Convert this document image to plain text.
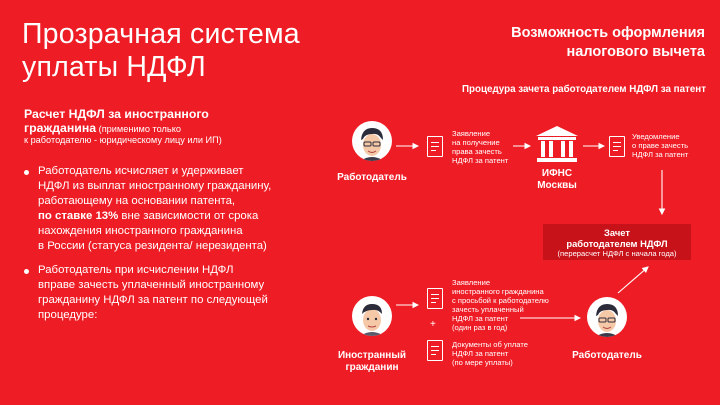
Прозрачная система
уплаты НДФЛ
Расчет НДФЛ за иностранного
гражданина (применимо только
к работодателю - юридическому лицу или ИП)
Работодатель исчисляет и удерживает
НДФЛ из выплат иностранному гражданину,
работающему на основании патента,
по ставке 13% вне зависимости от срока
нахождения иностранного гражданина
в России (статуса резидента/ нерезидента)
Работодатель при исчислении НДФЛ
вправе зачесть уплаченный иностранному
гражданину НДФЛ за патент по следующей
процедуре:
Возможность оформления
налогового вычета
Процедура зачета работодателем НДФЛ за патент
Работодатель
Заявление
на получение
права зачесть
НДФЛ за патент
ИФНС
Москвы
Уведомление
о праве зачесть
НДФЛ за патент
Зачет
работодателем НДФЛ
(перерасчет НДФЛ с начала года)
Иностранный
гражданин
Заявление
иностранного гражданина
с просьбой к работодателю
зачесть уплаченный
НДФЛ за патент
(один раз в год)
+
Документы об уплате
НДФЛ за патент
(по мере уплаты)
Работодатель
